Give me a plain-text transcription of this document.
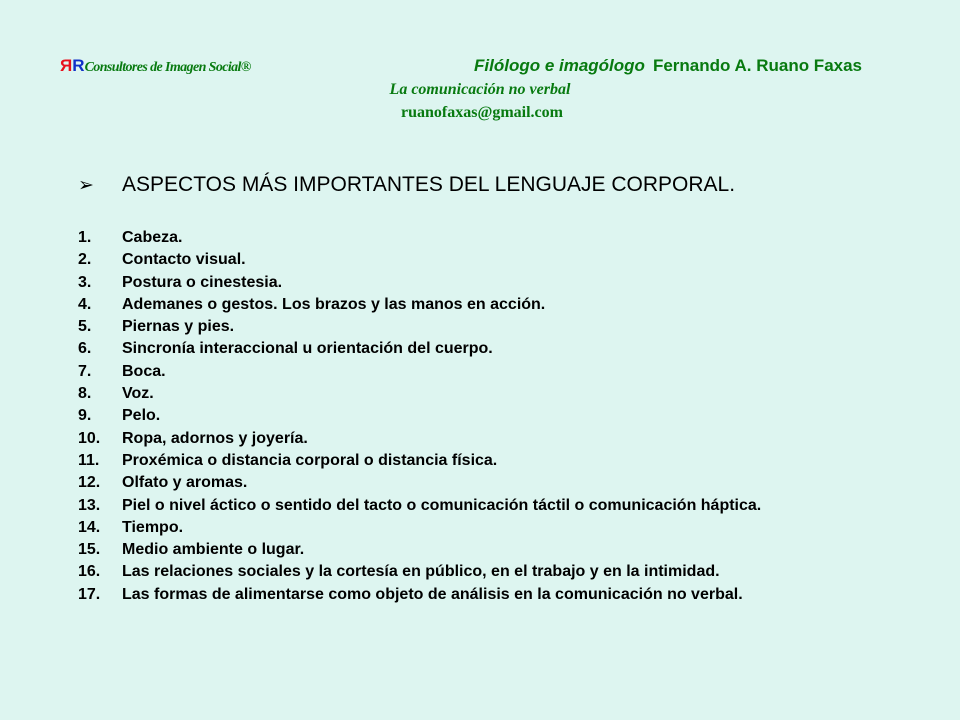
RRConsultores de Imagen Social®	Filólogo e imagólogo Fernando A. Ruano Faxas
La comunicación no verbal
ruanofaxas@gmail.com
➢ ASPECTOS MÁS IMPORTANTES DEL LENGUAJE CORPORAL.
1. Cabeza.
2. Contacto visual.
3. Postura o cinestesia.
4. Ademanes o gestos. Los brazos y las manos en acción.
5. Piernas y pies.
6. Sincronía interaccional u orientación del cuerpo.
7. Boca.
8. Voz.
9. Pelo.
10. Ropa, adornos y joyería.
11. Proxémica o distancia corporal o distancia física.
12. Olfato y aromas.
13. Piel o nivel áctico o sentido del tacto o comunicación táctil o comunicación háptica.
14. Tiempo.
15. Medio ambiente o lugar.
16. Las relaciones sociales y la cortesía en público, en el trabajo y en la intimidad.
17. Las formas de alimentarse como objeto de análisis en la comunicación no verbal.
